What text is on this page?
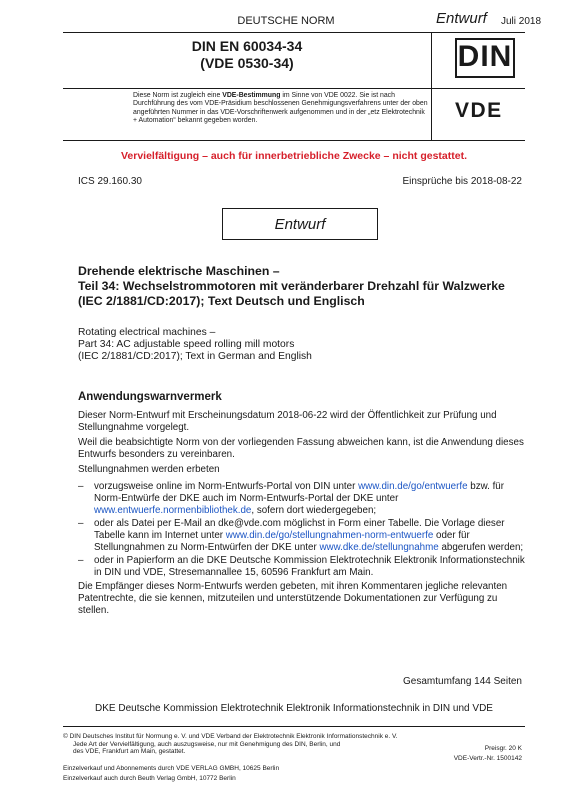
DEUTSCHE NORM	Entwurf Juli 2018
DIN EN 60034-34
(VDE 0530-34)	DIN
Diese Norm ist zugleich eine VDE-Bestimmung im Sinne von VDE 0022. Sie ist nach Durchführung des vom VDE-Präsidium beschlossenen Genehmigungsverfahrens unter der oben angeführten Nummer in das VDE-Vorschriftenwerk aufgenommen und in der „etz Elektrotechnik + Automation“ bekannt gegeben worden.	VDE
Vervielfältigung – auch für innerbetriebliche Zwecke – nicht gestattet.
ICS 29.160.30	Einsprüche bis 2018-08-22
Entwurf
Drehende elektrische Maschinen –
Teil 34: Wechselstrommotoren mit veränderbarer Drehzahl für Walzwerke
(IEC 2/1881/CD:2017); Text Deutsch und Englisch
Rotating electrical machines –
Part 34: AC adjustable speed rolling mill motors
(IEC 2/1881/CD:2017); Text in German and English
Anwendungswarnvermerk
Dieser Norm-Entwurf mit Erscheinungsdatum 2018-06-22 wird der Öffentlichkeit zur Prüfung und Stellungnahme vorgelegt.
Weil die beabsichtigte Norm von der vorliegenden Fassung abweichen kann, ist die Anwendung dieses Entwurfs besonders zu vereinbaren.
Stellungnahmen werden erbeten
– vorzugsweise online im Norm-Entwurfs-Portal von DIN unter www.din.de/go/entwuerfe bzw. für Norm-Entwürfe der DKE auch im Norm-Entwurfs-Portal der DKE unter www.entwuerfe.normenbibliothek.de, sofern dort wiedergegeben;
– oder als Datei per E-Mail an dke@vde.com möglichst in Form einer Tabelle. Die Vorlage dieser Tabelle kann im Internet unter www.din.de/go/stellungnahmen-norm-entwuerfe oder für Stellungnahmen zu Norm-Entwürfen der DKE unter www.dke.de/stellungnahme abgerufen werden;
– oder in Papierform an die DKE Deutsche Kommission Elektrotechnik Elektronik Informationstechnik in DIN und VDE, Stresemannallee 15, 60596 Frankfurt am Main.
Die Empfänger dieses Norm-Entwurfs werden gebeten, mit ihren Kommentaren jegliche relevanten Patentrechte, die sie kennen, mitzuteilen und unterstützende Dokumentationen zur Verfügung zu stellen.
Gesamtumfang 144 Seiten
DKE Deutsche Kommission Elektrotechnik Elektronik Informationstechnik in DIN und VDE
© DIN Deutsches Institut für Normung e. V. und VDE Verband der Elektrotechnik Elektronik Informationstechnik e. V.
Jede Art der Vervielfältigung, auch auszugsweise, nur mit Genehmigung des DIN, Berlin, und
des VDE, Frankfurt am Main, gestattet.
Einzelverkauf und Abonnements durch VDE VERLAG GMBH, 10625 Berlin
Einzelverkauf auch durch Beuth Verlag GmbH, 10772 Berlin
Preisgr. 20 K
VDE-Vertr.-Nr. 1500142
